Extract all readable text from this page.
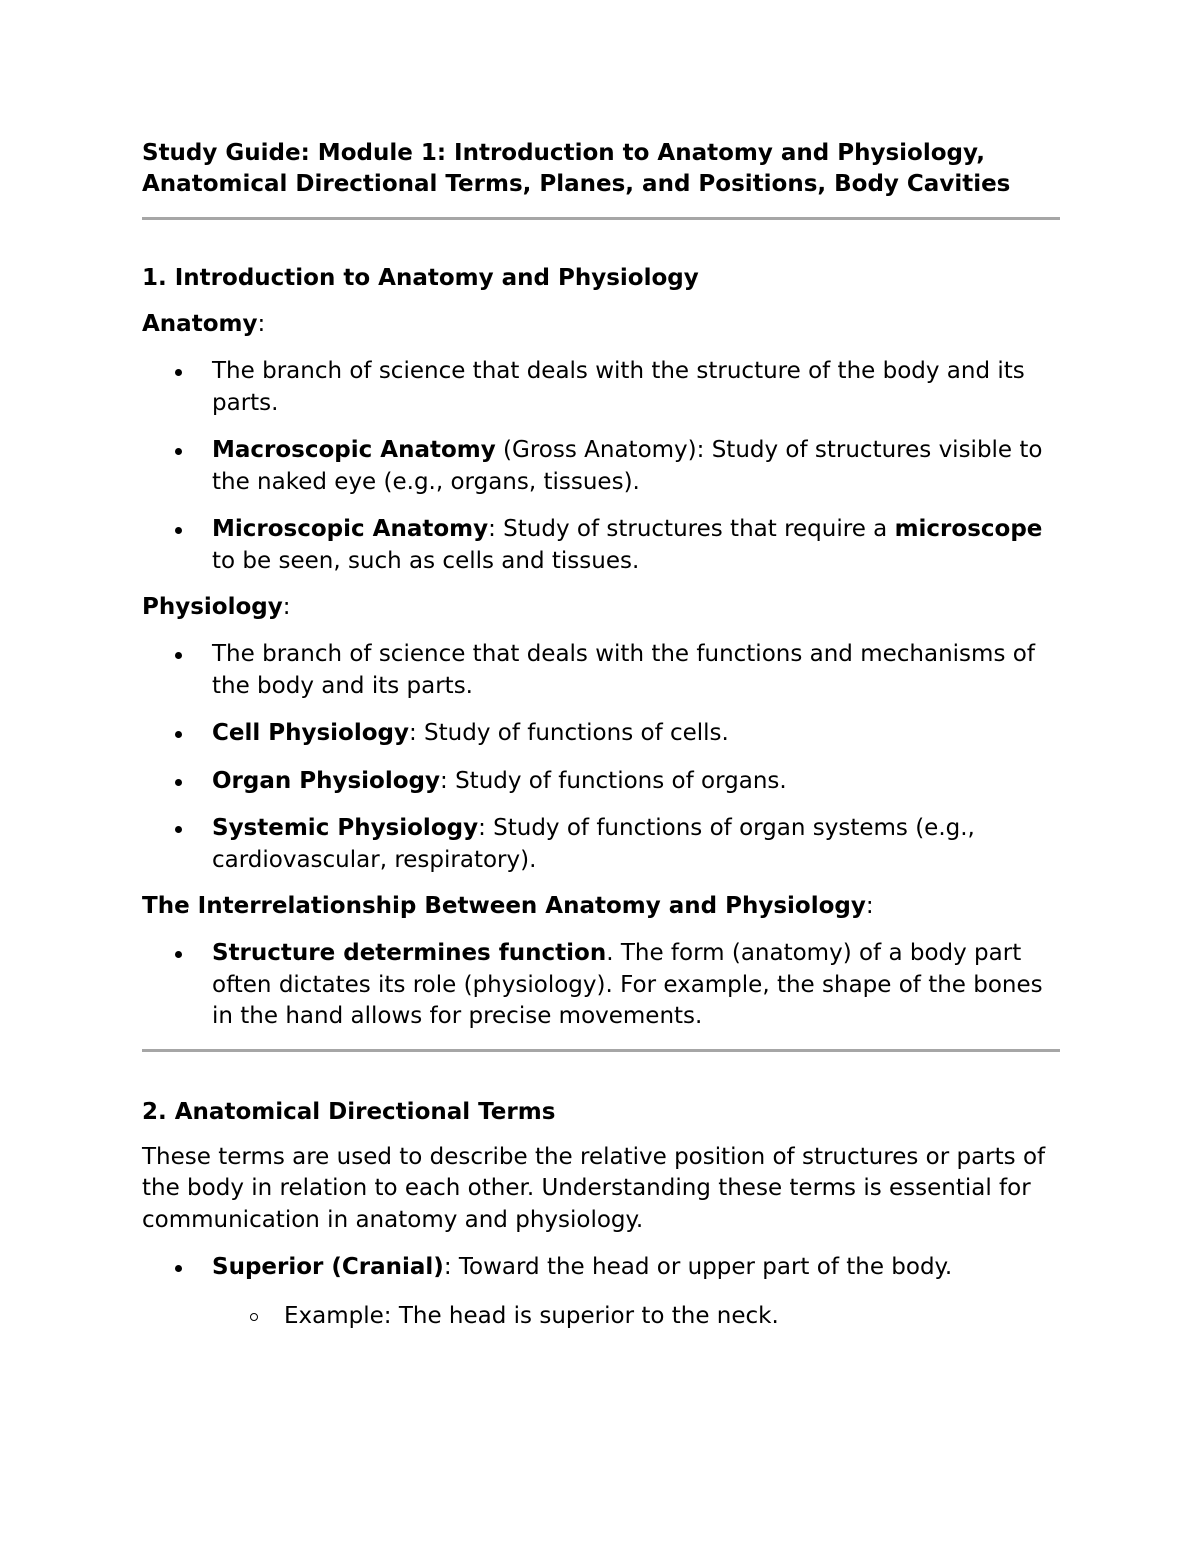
Study Guide: Module 1: Introduction to Anatomy and Physiology,
Anatomical Directional Terms, Planes, and Positions, Body Cavities
1. Introduction to Anatomy and Physiology
Anatomy:
The branch of science that deals with the structure of the body and its parts.
Macroscopic Anatomy (Gross Anatomy): Study of structures visible to the naked eye (e.g., organs, tissues).
Microscopic Anatomy: Study of structures that require a microscope to be seen, such as cells and tissues.
Physiology:
The branch of science that deals with the functions and mechanisms of the body and its parts.
Cell Physiology: Study of functions of cells.
Organ Physiology: Study of functions of organs.
Systemic Physiology: Study of functions of organ systems (e.g., cardiovascular, respiratory).
The Interrelationship Between Anatomy and Physiology:
Structure determines function. The form (anatomy) of a body part often dictates its role (physiology). For example, the shape of the bones in the hand allows for precise movements.
2. Anatomical Directional Terms

These terms are used to describe the relative position of structures or parts of the body in relation to each other. Understanding these terms is essential for communication in anatomy and physiology.

Superior (Cranial): Toward the head or upper part of the body.
Example: The head is superior to the neck.
